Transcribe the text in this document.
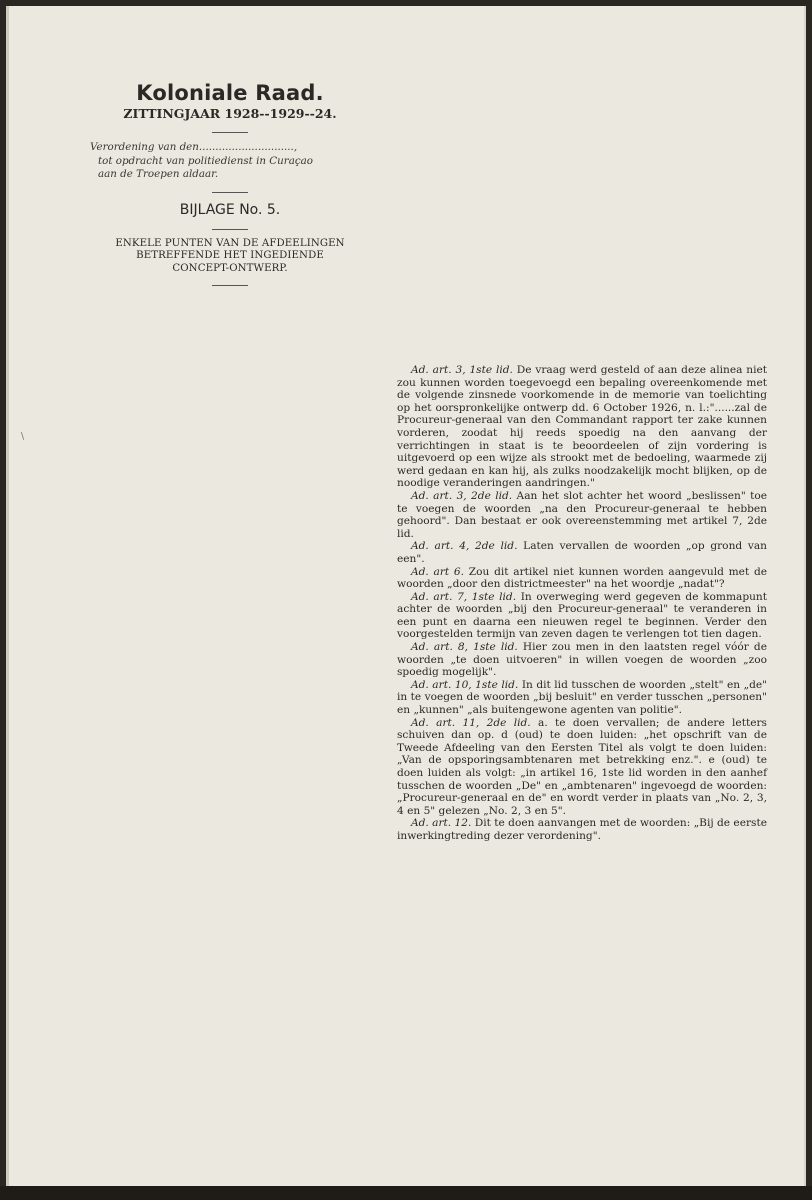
Koloniale Raad.

ZITTINGJAAR 1928--1929--24.

Verordening van den.............................,
tot opdracht van politiedienst in Curaçao
aan de Troepen aldaar.

BIJLAGE No. 5.

ENKELE PUNTEN VAN DE AFDEELINGEN
BETREFFENDE HET INGEDIENDE
CONCEPT-ONTWERP.
\

Ad. art. 3, 1ste lid. De vraag werd gesteld of aan deze alinea niet zou kunnen worden toegevoegd een bepaling overeenkomende met de volgende zinsnede voorkomende in de memorie van toelichting op het oorspronkelijke ontwerp dd. 6 October 1926, n. l.:"......zal de Procureur-generaal van den Commandant rapport ter zake kunnen vorderen, zoodat hij reeds spoedig na den aanvang der verrichtingen in staat is te beoordeelen of zijn vordering is uitgevoerd op een wijze als strookt met de bedoeling, waarmede zij werd gedaan en kan hij, als zulks noodzakelijk mocht blijken, op de noodige veranderingen aandringen."

Ad. art. 3, 2de lid. Aan het slot achter het woord „beslissen" toe te voegen de woorden „na den Procureur-generaal te hebben gehoord". Dan bestaat er ook overeenstemming met artikel 7, 2de lid.

Ad. art. 4, 2de lid. Laten vervallen de woorden „op grond van een".

Ad. art 6. Zou dit artikel niet kunnen worden aangevuld met de woorden „door den districtmeester" na het woordje „nadat"?

Ad. art. 7, 1ste lid. In overweging werd gegeven de kommapunt achter de woorden „bij den Procureur-generaal" te veranderen in een punt en daarna een nieuwen regel te beginnen. Verder den voorgestelden termijn van zeven dagen te verlengen tot tien dagen.

Ad. art. 8, 1ste lid. Hier zou men in den laatsten regel vóór de woorden „te doen uitvoeren" in willen voegen de woorden „zoo spoedig mogelijk".

Ad. art. 10, 1ste lid. In dit lid tusschen de woorden „stelt" en „de" in te voegen de woorden „bij besluit" en verder tusschen „personen" en „kunnen" „als buitengewone agenten van politie".

Ad. art. 11, 2de lid. a. te doen vervallen; de andere letters schuiven dan op. d (oud) te doen luiden: „het opschrift van de Tweede Afdeeling van den Eersten Titel als volgt te doen luiden: „Van de opsporingsambtenaren met betrekking enz.". e (oud) te doen luiden als volgt: „in artikel 16, 1ste lid worden in den aanhef tusschen de woorden „De" en „ambtenaren" ingevoegd de woorden: „Procureur-generaal en de" en wordt verder in plaats van „No. 2, 3, 4 en 5" gelezen „No. 2, 3 en 5".

Ad. art. 12. Dit te doen aanvangen met de woorden: „Bij de eerste inwerkingtreding dezer verordening".
